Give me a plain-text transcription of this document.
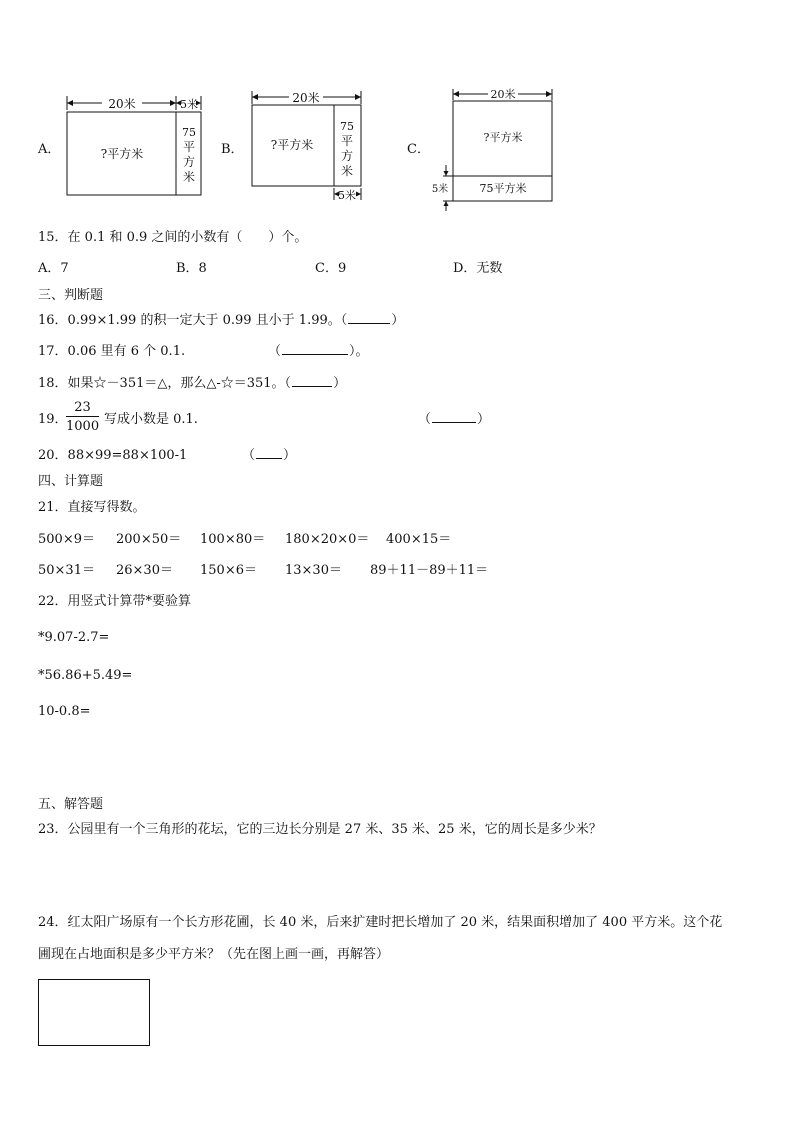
A．
20米	5米
?平方米
75
平
方
米
B．
20米
?平方米
75
平
方
米
5米
C．
20米
?平方米
75平方米
5米
15．在 0.1 和 0.9 之间的小数有（　　）个。
A．7	B．8	C．9	D．无数
三、判断题
16．0.99×1.99 的积一定大于 0.99 且小于 1.99。（	）
17．0.06 里有 6 个 0.1.	（	）。
18．如果☆－351＝△，那么△-☆＝351。（	）
19．
$\frac{23}{1000}$ 写成小数是 0.1.	（	）
20．88×99=88×100-1	（ ）
四、计算题
21．直接写得数。
500×9＝ 200×50＝ 100×80＝ 180×20×0＝ 400×15＝
50×31＝ 26×30＝ 150×6＝ 13×30＝ 89＋11－89＋11＝
22．用竖式计算带*要验算
*9.07-2.7=
*56.86+5.49=
10-0.8=
五、解答题
23．公园里有一个三角形的花坛，它的三边长分别是 27 米、35 米、25 米，它的周长是多少米？
24．红太阳广场原有一个长方形花圃，长 40 米，后来扩建时把长增加了 20 米，结果面积增加了 400 平方米。这个花
圃现在占地面积是多少平方米？（先在图上画一画，再解答）
